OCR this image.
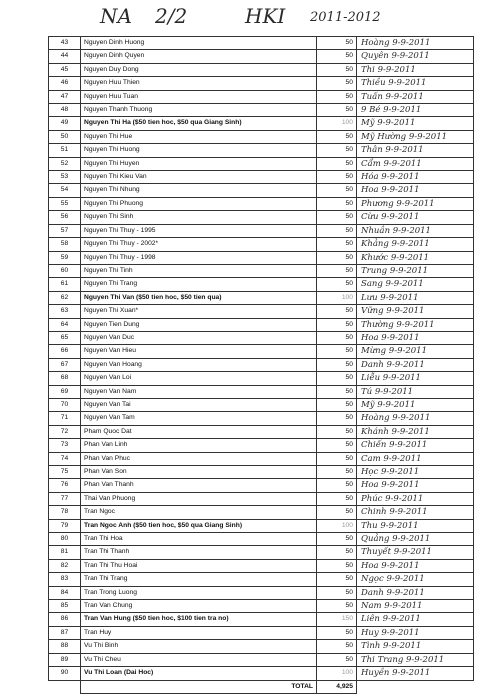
NA 2/2	HKI 2011-2012
43	Nguyen Dinh Huong	50	Hoàng 9-9-2011
44	Nguyen Dinh Quyen	50	Quyên 9-9-2011
45	Nguyen Duy Dong	50	Thi 9-9-2011
46	Nguyen Huu Thien	50	Thiều 9-9-2011
47	Nguyen Huu Tuan	50	Tuấn 9-9-2011
48	Nguyen Thanh Thuong	50	9 Bé 9-9-2011
49	Nguyen Thi Ha ($50 tien hoc, $50 qua Giang Sinh)	100	Mỹ 9-9-2011
50	Nguyen Thi Hue	50	Mỹ Hường 9-9-2011
51	Nguyen Thi Huong	50	Thân 9-9-2011
52	Nguyen Thi Huyen	50	Cẩm 9-9-2011
53	Nguyen Thi Kieu Van	50	Hóa 9-9-2011
54	Nguyen Thi Nhung	50	Hoa 9-9-2011
55	Nguyen Thi Phuong	50	Phương 9-9-2011
56	Nguyen Thi Sinh	50	Cừu 9-9-2011
57	Nguyen Thi Thuy - 1995	50	Nhuần 9-9-2011
58	Nguyen Thi Thuy - 2002*	50	Khảng 9-9-2011
59	Nguyen Thi Thuy - 1998	50	Khước 9-9-2011
60	Nguyen Thi Tinh	50	Trung 9-9-2011
61	Nguyen Thi Trang	50	Sang 9-9-2011
62	Nguyen Thi Van ($50 tien hoc, $50 tien qua)	100	Lưu 9-9-2011
63	Nguyen Thi Xuan*	50	Vững 9-9-2011
64	Nguyen Tien Dung	50	Thường 9-9-2011
65	Nguyen Van Duc	50	Hoa 9-9-2011
66	Nguyen Van Hieu	50	Mừng 9-9-2011
67	Nguyen Van Hoang	50	Danh 9-9-2011
68	Nguyen Van Loi	50	Liễu 9-9-2011
69	Nguyen Van Nam	50	Tú 9-9-2011
70	Nguyen Van Tai	50	Mỹ 9-9-2011
71	Nguyen Van Tam	50	Hoàng 9-9-2011
72	Pham Quoc Dat	50	Khánh 9-9-2011
73	Phan Van Linh	50	Chiến 9-9-2011
74	Phan Van Phuc	50	Cam 9-9-2011
75	Phan Van Son	50	Học 9-9-2011
76	Phan Van Thanh	50	Hoa 9-9-2011
77	Thai Van Phuong	50	Phúc 9-9-2011
78	Tran Ngoc	50	Chinh 9-9-2011
79	Tran Ngoc Anh ($50 tien hoc, $50 qua Giang Sinh)	100	Thu 9-9-2011
80	Tran Thi Hoa	50	Quảng 9-9-2011
81	Tran Thi Thanh	50	Thuyết 9-9-2011
82	Tran Thi Thu Hoai	50	Hoa 9-9-2011
83	Tran Thi Trang	50	Ngọc 9-9-2011
84	Tran Trong Luong	50	Danh 9-9-2011
85	Tran Van Chung	50	Nam 9-9-2011
86	Tran Van Hung ($50 tien hoc, $100 tien tra no)	150	Liên 9-9-2011
87	Tran Huy	50	Huy 9-9-2011
88	Vu Thi Binh	50	Tình 9-9-2011
89	Vu Thi Cheu	50	Thi Trang 9-9-2011
90	Vu Thi Loan (Dai Hoc)	100	Huyền 9-9-2011
	TOTAL	4,925	
